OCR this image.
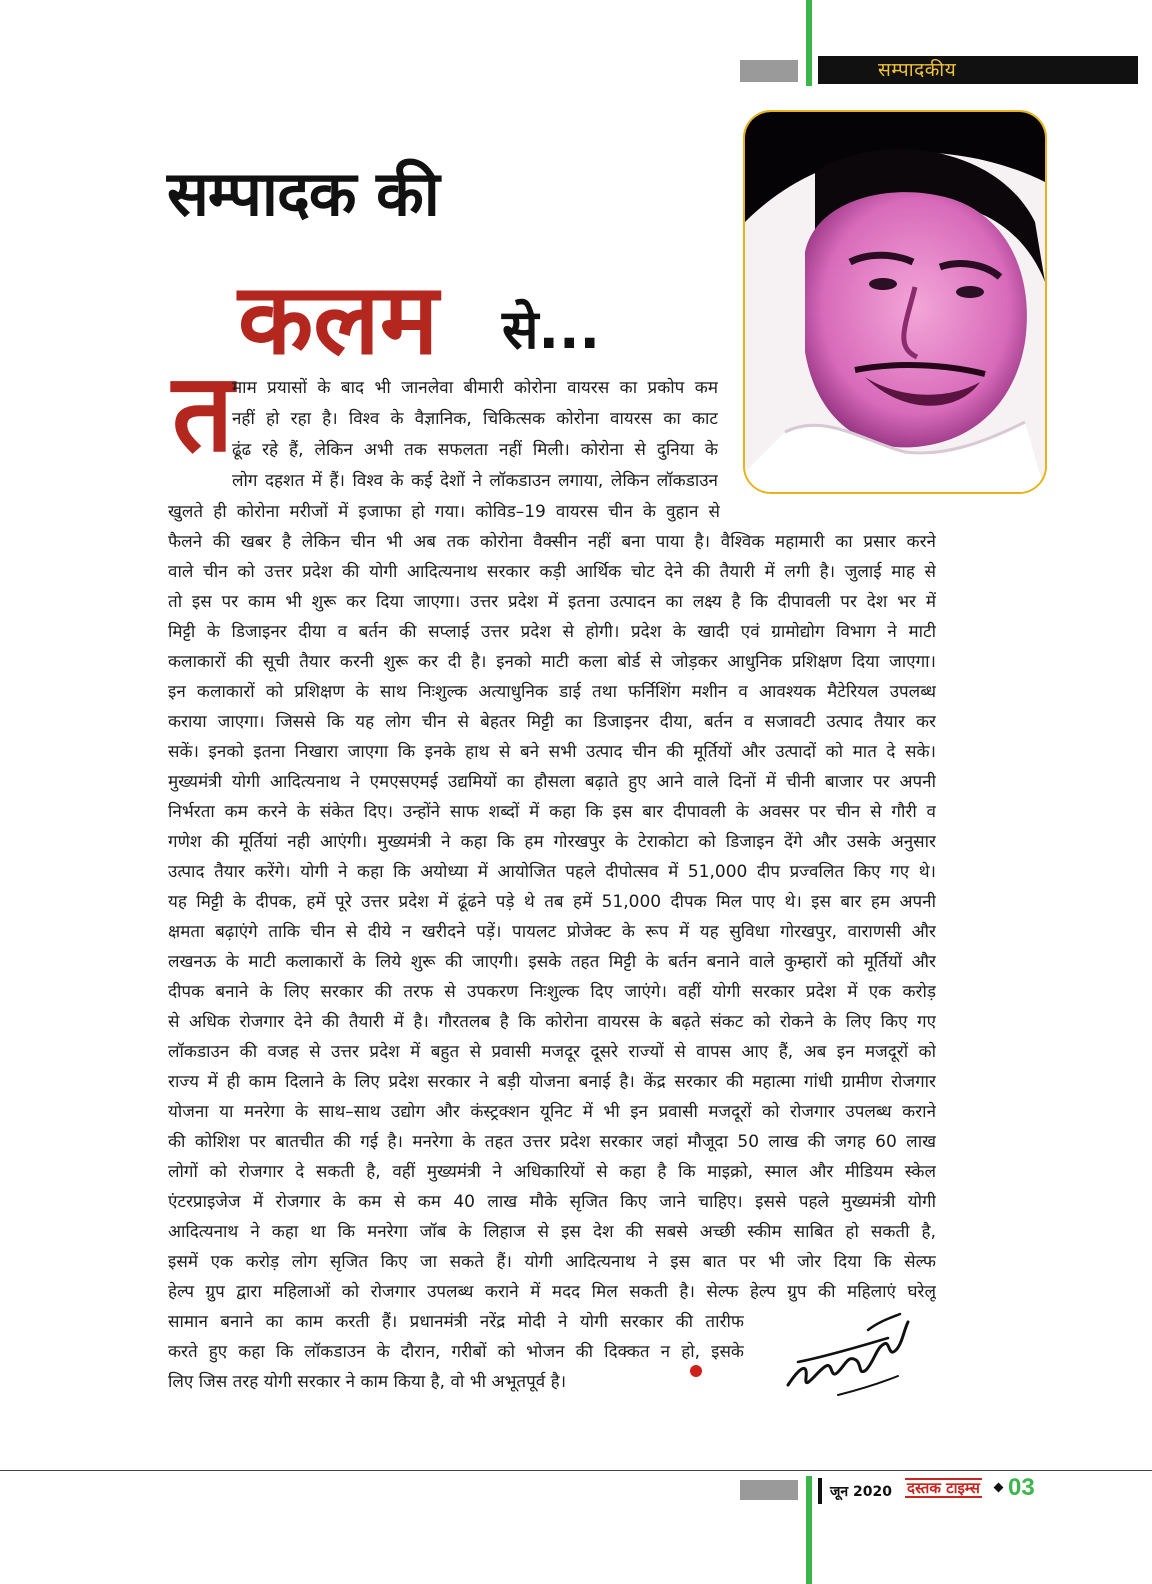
सम्पादकीय
सम्पादक की
कलम से...
त
माम प्रयासों के बाद भी जानलेवा बीमारी कोरोना वायरस का प्रकोप कम
नहीं हो रहा है। विश्व के वैज्ञानिक, चिकित्सक कोरोना वायरस का काट
ढूंढ रहे हैं, लेकिन अभी तक सफलता नहीं मिली। कोरोना से दुनिया के
लोग दहशत में हैं। विश्व के कई देशों ने लॉकडाउन लगाया, लेकिन लॉकडाउन
खुलते ही कोरोना मरीजों में इजाफा हो गया। कोविड–19 वायरस चीन के वुहान से
फैलने की खबर है लेकिन चीन भी अब तक कोरोना वैक्सीन नहीं बना पाया है। वैश्विक महामारी का प्रसार करने
वाले चीन को उत्तर प्रदेश की योगी आदित्यनाथ सरकार कड़ी आर्थिक चोट देने की तैयारी में लगी है। जुलाई माह से
तो इस पर काम भी शुरू कर दिया जाएगा। उत्तर प्रदेश में इतना उत्पादन का लक्ष्य है कि दीपावली पर देश भर में
मिट्टी के डिजाइनर दीया व बर्तन की सप्लाई उत्तर प्रदेश से होगी। प्रदेश के खादी एवं ग्रामोद्योग विभाग ने माटी
कलाकारों की सूची तैयार करनी शुरू कर दी है। इनको माटी कला बोर्ड से जोड़कर आधुनिक प्रशिक्षण दिया जाएगा।
इन कलाकारों को प्रशिक्षण के साथ निःशुल्क अत्याधुनिक डाई तथा फर्निशिंग मशीन व आवश्यक मैटेरियल उपलब्ध
कराया जाएगा। जिससे कि यह लोग चीन से बेहतर मिट्टी का डिजाइनर दीया, बर्तन व सजावटी उत्पाद तैयार कर
सकें। इनको इतना निखारा जाएगा कि इनके हाथ से बने सभी उत्पाद चीन की मूर्तियों और उत्पादों को मात दे सके।
मुख्यमंत्री योगी आदित्यनाथ ने एमएसएमई उद्यमियों का हौसला बढ़ाते हुए आने वाले दिनों में चीनी बाजार पर अपनी
निर्भरता कम करने के संकेत दिए। उन्होंने साफ शब्दों में कहा कि इस बार दीपावली के अवसर पर चीन से गौरी व
गणेश की मूर्तियां नही आएंगी। मुख्यमंत्री ने कहा कि हम गोरखपुर के टेराकोटा को डिजाइन देंगे और उसके अनुसार
उत्पाद तैयार करेंगे। योगी ने कहा कि अयोध्या में आयोजित पहले दीपोत्सव में 51,000 दीप प्रज्वलित किए गए थे।
यह मिट्टी के दीपक, हमें पूरे उत्तर प्रदेश में ढूंढने पड़े थे तब हमें 51,000 दीपक मिल पाए थे। इस बार हम अपनी
क्षमता बढ़ाएंगे ताकि चीन से दीये न खरीदने पड़ें। पायलट प्रोजेक्ट के रूप में यह सुविधा गोरखपुर, वाराणसी और
लखनऊ के माटी कलाकारों के लिये शुरू की जाएगी। इसके तहत मिट्टी के बर्तन बनाने वाले कुम्हारों को मूर्तियों और
दीपक बनाने के लिए सरकार की तरफ से उपकरण निःशुल्क दिए जाएंगे। वहीं योगी सरकार प्रदेश में एक करोड़
से अधिक रोजगार देने की तैयारी में है। गौरतलब है कि कोरोना वायरस के बढ़ते संकट को रोकने के लिए किए गए
लॉकडाउन की वजह से उत्तर प्रदेश में बहुत से प्रवासी मजदूर दूसरे राज्यों से वापस आए हैं, अब इन मजदूरों को
राज्य में ही काम दिलाने के लिए प्रदेश सरकार ने बड़ी योजना बनाई है। केंद्र सरकार की महात्मा गांधी ग्रामीण रोजगार
योजना या मनरेगा के साथ–साथ उद्योग और कंस्ट्रक्शन यूनिट में भी इन प्रवासी मजदूरों को रोजगार उपलब्ध कराने
की कोशिश पर बातचीत की गई है। मनरेगा के तहत उत्तर प्रदेश सरकार जहां मौजूदा 50 लाख की जगह 60 लाख
लोगों को रोजगार दे सकती है, वहीं मुख्यमंत्री ने अधिकारियों से कहा है कि माइक्रो, स्माल और मीडियम स्केल
एंटरप्राइजेज में रोजगार के कम से कम 40 लाख मौके सृजित किए जाने चाहिए। इससे पहले मुख्यमंत्री योगी
आदित्यनाथ ने कहा था कि मनरेगा जॉब के लिहाज से इस देश की सबसे अच्छी स्कीम साबित हो सकती है,
इसमें एक करोड़ लोग सृजित किए जा सकते हैं। योगी आदित्यनाथ ने इस बात पर भी जोर दिया कि सेल्फ
हेल्प ग्रुप द्वारा महिलाओं को रोजगार उपलब्ध कराने में मदद मिल सकती है। सेल्फ हेल्प ग्रुप की महिलाएं घरेलू
सामान बनाने का काम करती हैं। प्रधानमंत्री नरेंद्र मोदी ने योगी सरकार की तारीफ
करते हुए कहा कि लॉकडाउन के दौरान, गरीबों को भोजन की दिक्कत न हो, इसके
लिए जिस तरह योगी सरकार ने काम किया है, वो भी अभूतपूर्व है।
जून 2020 दस्तक टाइम्स 03
